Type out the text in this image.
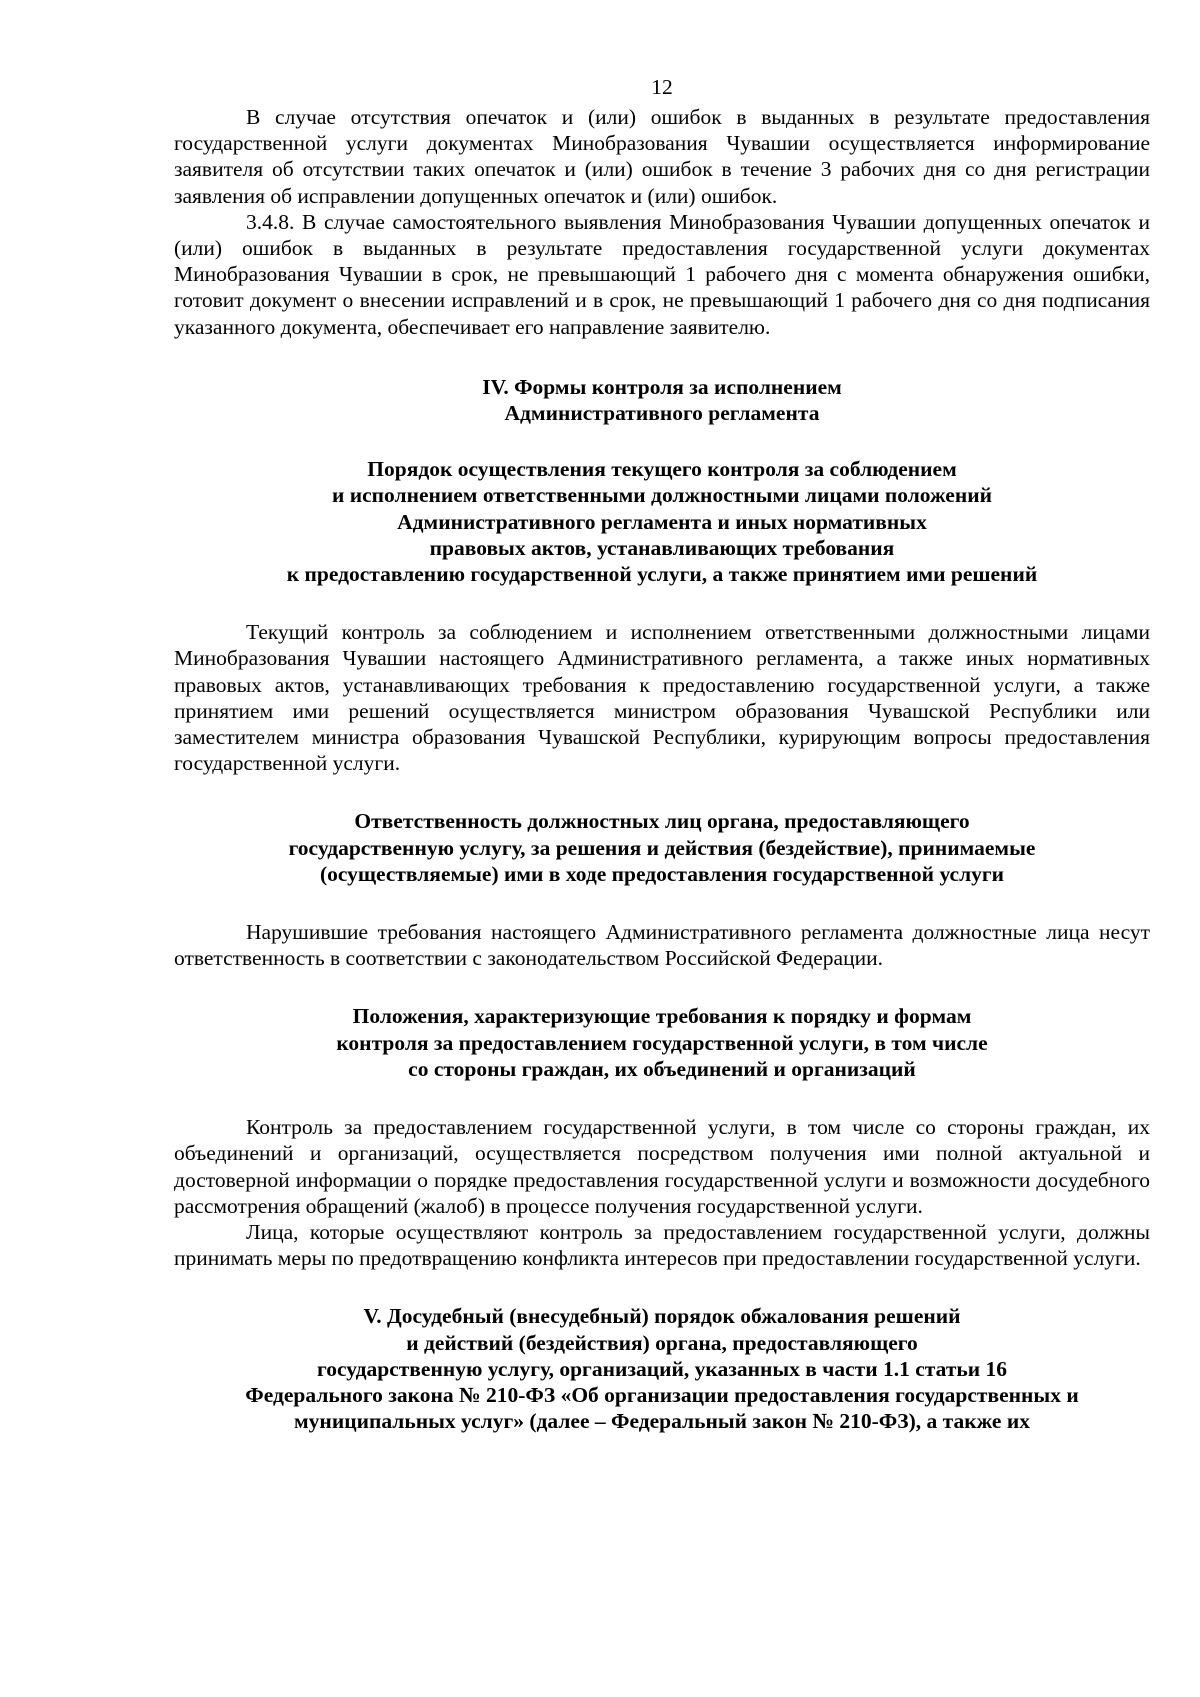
12

В случае отсутствия опечаток и (или) ошибок в выданных в результате предоставления государственной услуги документах Минобразования Чувашии осуществляется информирование заявителя об отсутствии таких опечаток и (или) ошибок в течение 3 рабочих дня со дня регистрации заявления об исправлении допущенных опечаток и (или) ошибок.

3.4.8. В случае самостоятельного выявления Минобразования Чувашии допущенных опечаток и (или) ошибок в выданных в результате предоставления государственной услуги документах Минобразования Чувашии в срок, не превышающий 1 рабочего дня с момента обнаружения ошибки, готовит документ о внесении исправлений и в срок, не превышающий 1 рабочего дня со дня подписания указанного документа, обеспечивает его направление заявителю.

IV. Формы контроля за исполнением
Административного регламента
Порядок осуществления текущего контроля за соблюдением
и исполнением ответственными должностными лицами положений
Административного регламента и иных нормативных
правовых актов, устанавливающих требования
к предоставлению государственной услуги, а также принятием ими решений

Текущий контроль за соблюдением и исполнением ответственными должностными лицами Минобразования Чувашии настоящего Административного регламента, а также иных нормативных правовых актов, устанавливающих требования к предоставлению государственной услуги, а также принятием ими решений осуществляется министром образования Чувашской Республики или заместителем министра образования Чувашской Республики, курирующим вопросы предоставления государственной услуги.

Ответственность должностных лиц органа, предоставляющего
государственную услугу, за решения и действия (бездействие), принимаемые
(осуществляемые) ими в ходе предоставления государственной услуги

Нарушившие требования настоящего Административного регламента должностные лица несут ответственность в соответствии с законодательством Российской Федерации.

Положения, характеризующие требования к порядку и формам
контроля за предоставлением государственной услуги, в том числе
со стороны граждан, их объединений и организаций

Контроль за предоставлением государственной услуги, в том числе со стороны граждан, их объединений и организаций, осуществляется посредством получения ими полной актуальной и достоверной информации о порядке предоставления государственной услуги и возможности досудебного рассмотрения обращений (жалоб) в процессе получения государственной услуги.

Лица, которые осуществляют контроль за предоставлением государственной услуги, должны принимать меры по предотвращению конфликта интересов при предоставлении государственной услуги.

V. Досудебный (внесудебный) порядок обжалования решений
и действий (бездействия) органа, предоставляющего
государственную услугу, организаций, указанных в части 1.1 статьи 16
Федерального закона № 210-ФЗ «Об организации предоставления государственных и муниципальных услуг» (далее – Федеральный закон № 210-ФЗ), а также их
